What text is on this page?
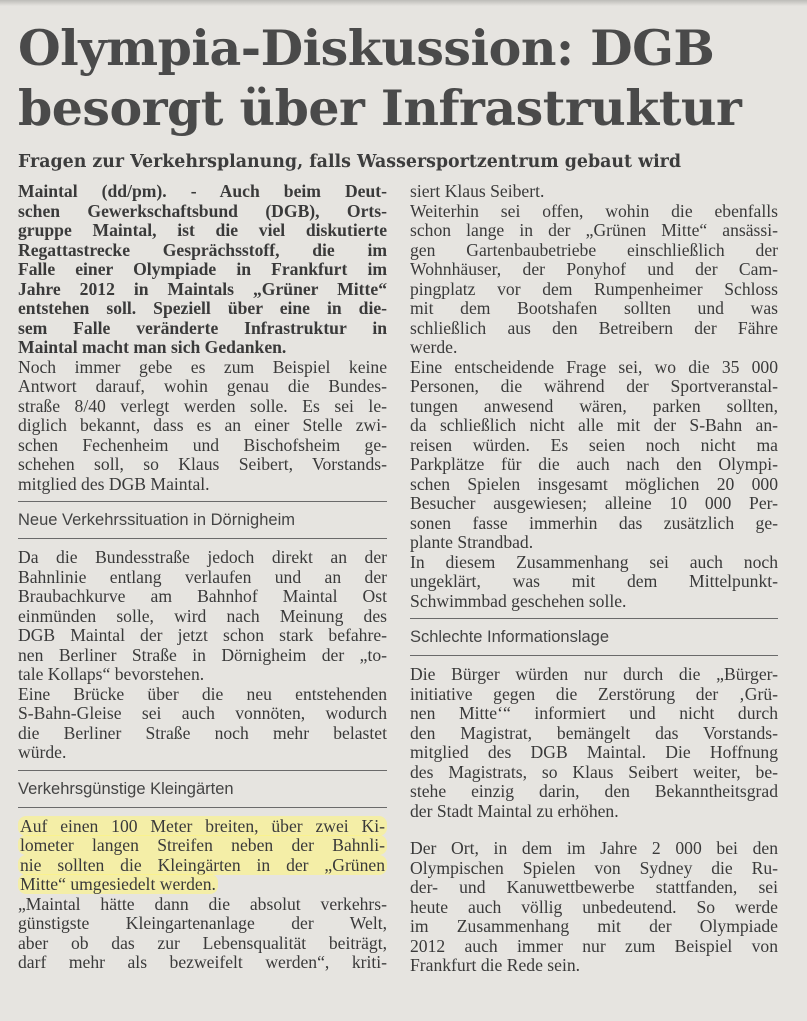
Olympia-Diskussion: DGB
besorgt über Infrastruktur
Fragen zur Verkehrsplanung, falls Wassersportzentrum gebaut wird
Maintal (dd/pm). - Auch beim Deut-
schen Gewerkschaftsbund (DGB), Orts-
gruppe Maintal, ist die viel diskutierte
Regattastrecke Gesprächsstoff, die im
Falle einer Olympiade in Frankfurt im
Jahre 2012 in Maintals „Grüner Mitte“
entstehen soll. Speziell über eine in die-
sem Falle veränderte Infrastruktur in
Maintal macht man sich Gedanken.
Noch immer gebe es zum Beispiel keine
Antwort darauf, wohin genau die Bundes-
straße 8/40 verlegt werden solle. Es sei le-
diglich bekannt, dass es an einer Stelle zwi-
schen Fechenheim und Bischofsheim ge-
schehen soll, so Klaus Seibert, Vorstands-
mitglied des DGB Maintal.
Neue Verkehrssituation in Dörnigheim
Da die Bundesstraße jedoch direkt an der
Bahnlinie entlang verlaufen und an der
Braubachkurve am Bahnhof Maintal Ost
einmünden solle, wird nach Meinung des
DGB Maintal der jetzt schon stark befahre-
nen Berliner Straße in Dörnigheim der „to-
tale Kollaps“ bevorstehen.
Eine Brücke über die neu entstehenden
S-Bahn-Gleise sei auch vonnöten, wodurch
die Berliner Straße noch mehr belastet
würde.
Verkehrsgünstige Kleingärten
Auf einen 100 Meter breiten, über zwei Ki-
lometer langen Streifen neben der Bahnli-
nie sollten die Kleingärten in der „Grünen
Mitte“ umgesiedelt werden.
„Maintal hätte dann die absolut verkehrs-
günstigste Kleingartenanlage der Welt,
aber ob das zur Lebensqualität beiträgt,
darf mehr als bezweifelt werden“, kriti-
siert Klaus Seibert.
Weiterhin sei offen, wohin die ebenfalls
schon lange in der „Grünen Mitte“ ansässi-
gen Gartenbaubetriebe einschließlich der
Wohnhäuser, der Ponyhof und der Cam-
pingplatz vor dem Rumpenheimer Schloss
mit dem Bootshafen sollten und was
schließlich aus den Betreibern der Fähre
werde.
Eine entscheidende Frage sei, wo die 35 000
Personen, die während der Sportveranstal-
tungen anwesend wären, parken sollten,
da schließlich nicht alle mit der S-Bahn an-
reisen würden. Es seien noch nicht ma
Parkplätze für die auch nach den Olympi-
schen Spielen insgesamt möglichen 20 000
Besucher ausgewiesen; alleine 10 000 Per-
sonen fasse immerhin das zusätzlich ge-
plante Strandbad.
In diesem Zusammenhang sei auch noch
ungeklärt, was mit dem Mittelpunkt-
Schwimmbad geschehen solle.
Schlechte Informationslage
Die Bürger würden nur durch die „Bürger-
initiative gegen die Zerstörung der ‚Grü-
nen Mitte‘“ informiert und nicht durch
den Magistrat, bemängelt das Vorstands-
mitglied des DGB Maintal. Die Hoffnung
des Magistrats, so Klaus Seibert weiter, be-
stehe einzig darin, den Bekanntheitsgrad
der Stadt Maintal zu erhöhen.
Der Ort, in dem im Jahre 2 000 bei den
Olympischen Spielen von Sydney die Ru-
der- und Kanuwettbewerbe stattfanden, sei
heute auch völlig unbedeutend. So werde
im Zusammenhang mit der Olympiade
2012 auch immer nur zum Beispiel von
Frankfurt die Rede sein.
